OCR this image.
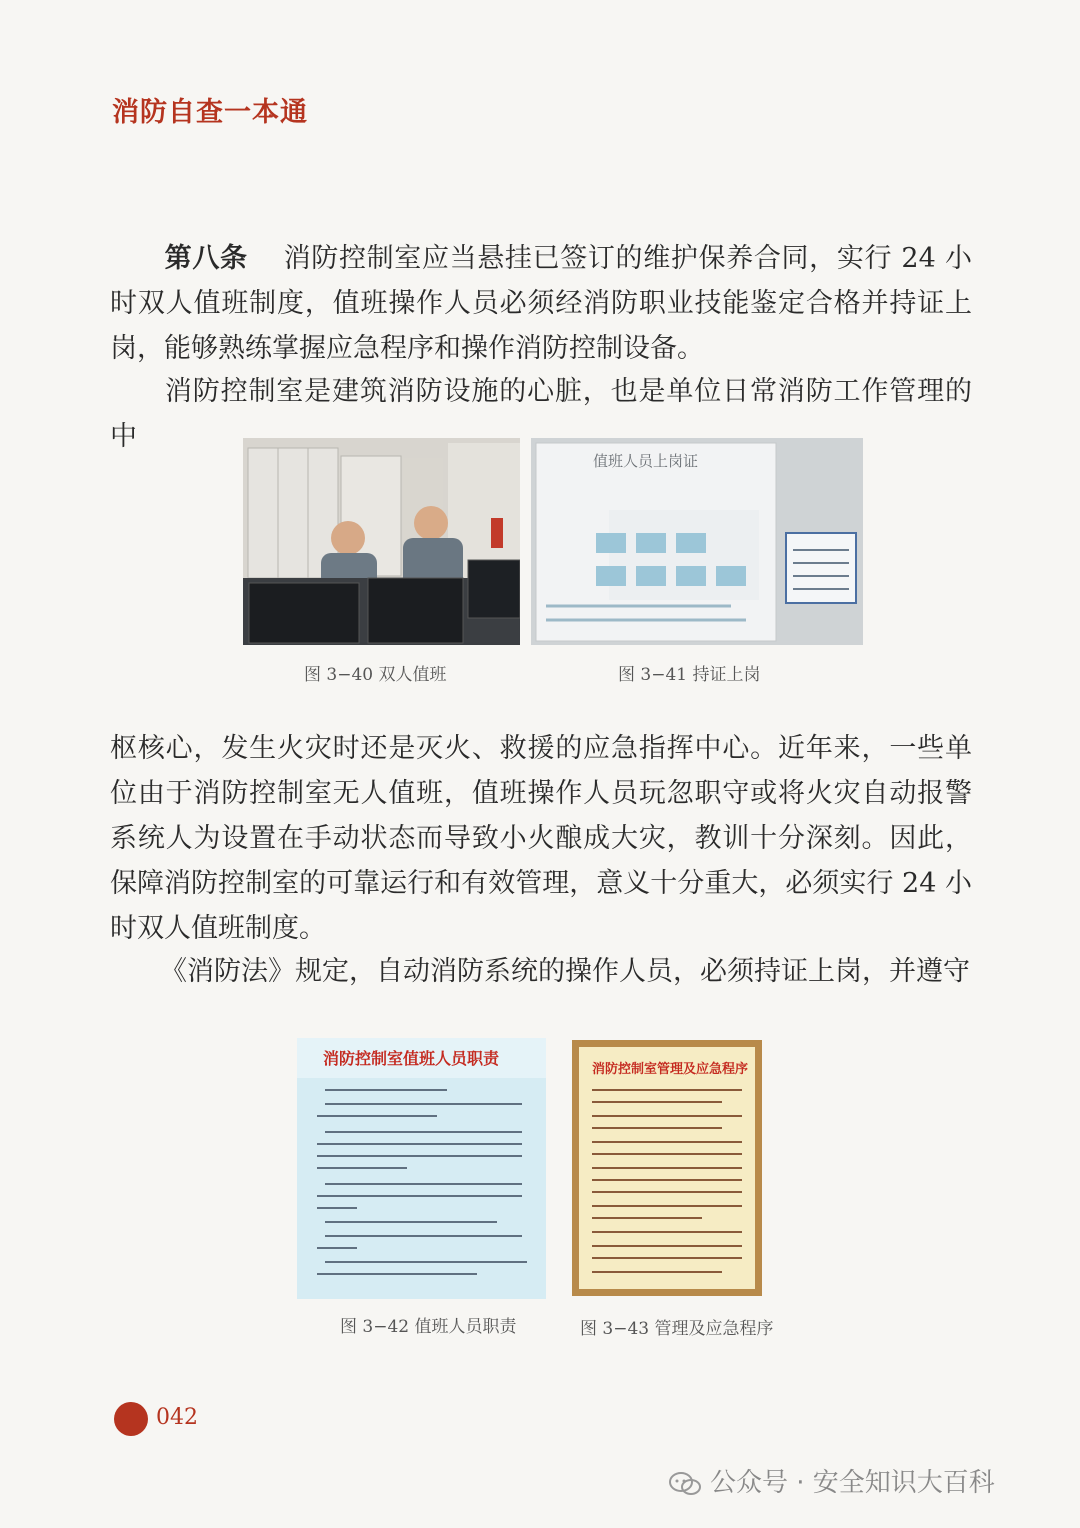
消防自查一本通

第八条 消防控制室应当悬挂已签订的维护保养合同，实行 24 小时双人值班制度，值班操作人员必须经消防职业技能鉴定合格并持证上岗，能够熟练掌握应急程序和操作消防控制设备。

消防控制室是建筑消防设施的心脏，也是单位日常消防工作管理的中

图 3−40 双人值班
值班人员上岗证
图 3−41 持证上岗

枢核心，发生火灾时还是灭火、救援的应急指挥中心。近年来，一些单位由于消防控制室无人值班，值班操作人员玩忽职守或将火灾自动报警系统人为设置在手动状态而导致小火酿成大灾，教训十分深刻。因此，保障消防控制室的可靠运行和有效管理，意义十分重大，必须实行 24 小时双人值班制度。

《消防法》规定，自动消防系统的操作人员，必须持证上岗，并遵守

消防控制室值班人员职责
图 3−42 值班人员职责
消防控制室管理及应急程序
图 3−43 管理及应急程序
042
公众号 · 安全知识大百科
